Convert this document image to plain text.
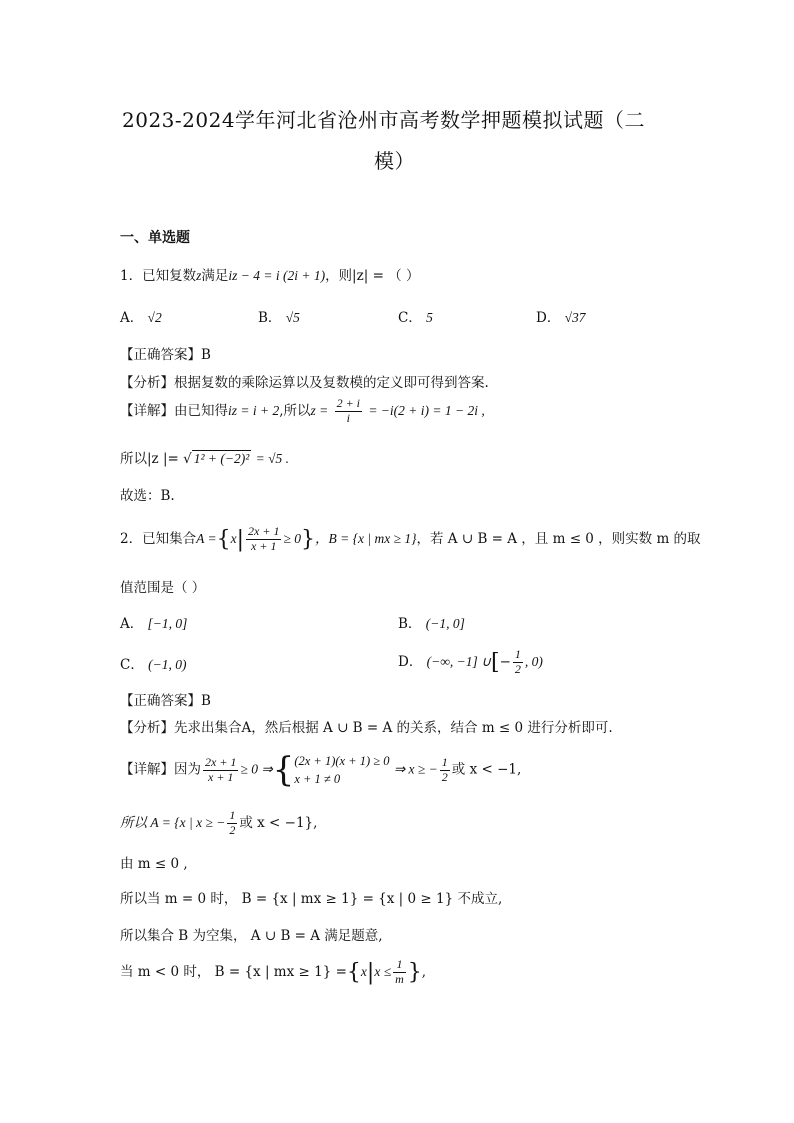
2023-2024学年河北省沧州市高考数学押题模拟试题（二
模）
一、单选题
1．已知复数z满足iz − 4 = i (2i + 1)，则|z| = （ ）
A． √2	B． √5	C． 5	D． √37
【正确答案】B
【分析】根据复数的乘除运算以及复数模的定义即可得到答案.
【详解】由已知得iz = i + 2,所以$z = \frac{2 + i}{i} = -i(2 + i) = 1 - 2i$ ,
所以|z |= √ 1² + (−2)² = √5 .
故选：B.
2．已知集合$A =\{x| \frac{2x + 1}{x + 1} \ge 0\}$，B = {x | mx ≥ 1}，若 A ∪ B = A ，且 m ≤ 0 ，则实数 m 的取
值范围是（ ）
A． [−1, 0]	B． (−1, 0]
C． (−1, 0)	D． (−∞, −1] ∪[− $\frac{1}{2}$ , 0)
【正确答案】B
【分析】先求出集合A，然后根据 A ∪ B = A 的关系，结合 m ≤ 0 进行分析即可.
【详解】因为 $\frac{2x + 1}{x + 1} \ge 0$ ⇒{ (2x + 1)(x + 1) ≥ 0
x + 1 ≠ 0
⇒ x ≥ − $\frac{1}{2}$ 或 x < −1,
所以 A = {x | x ≥ − $\frac{1}{2}$ 或 x < −1},
由 m ≤ 0 ,
所以当 m = 0 时， B = {x | mx ≥ 1} = {x | 0 ≥ 1} 不成立,
所以集合 B 为空集， A ∪ B = A 满足题意,
当 m < 0 时， B = {x | mx ≥ $1\} =\{x|x \le \frac{1}{m}$ },
